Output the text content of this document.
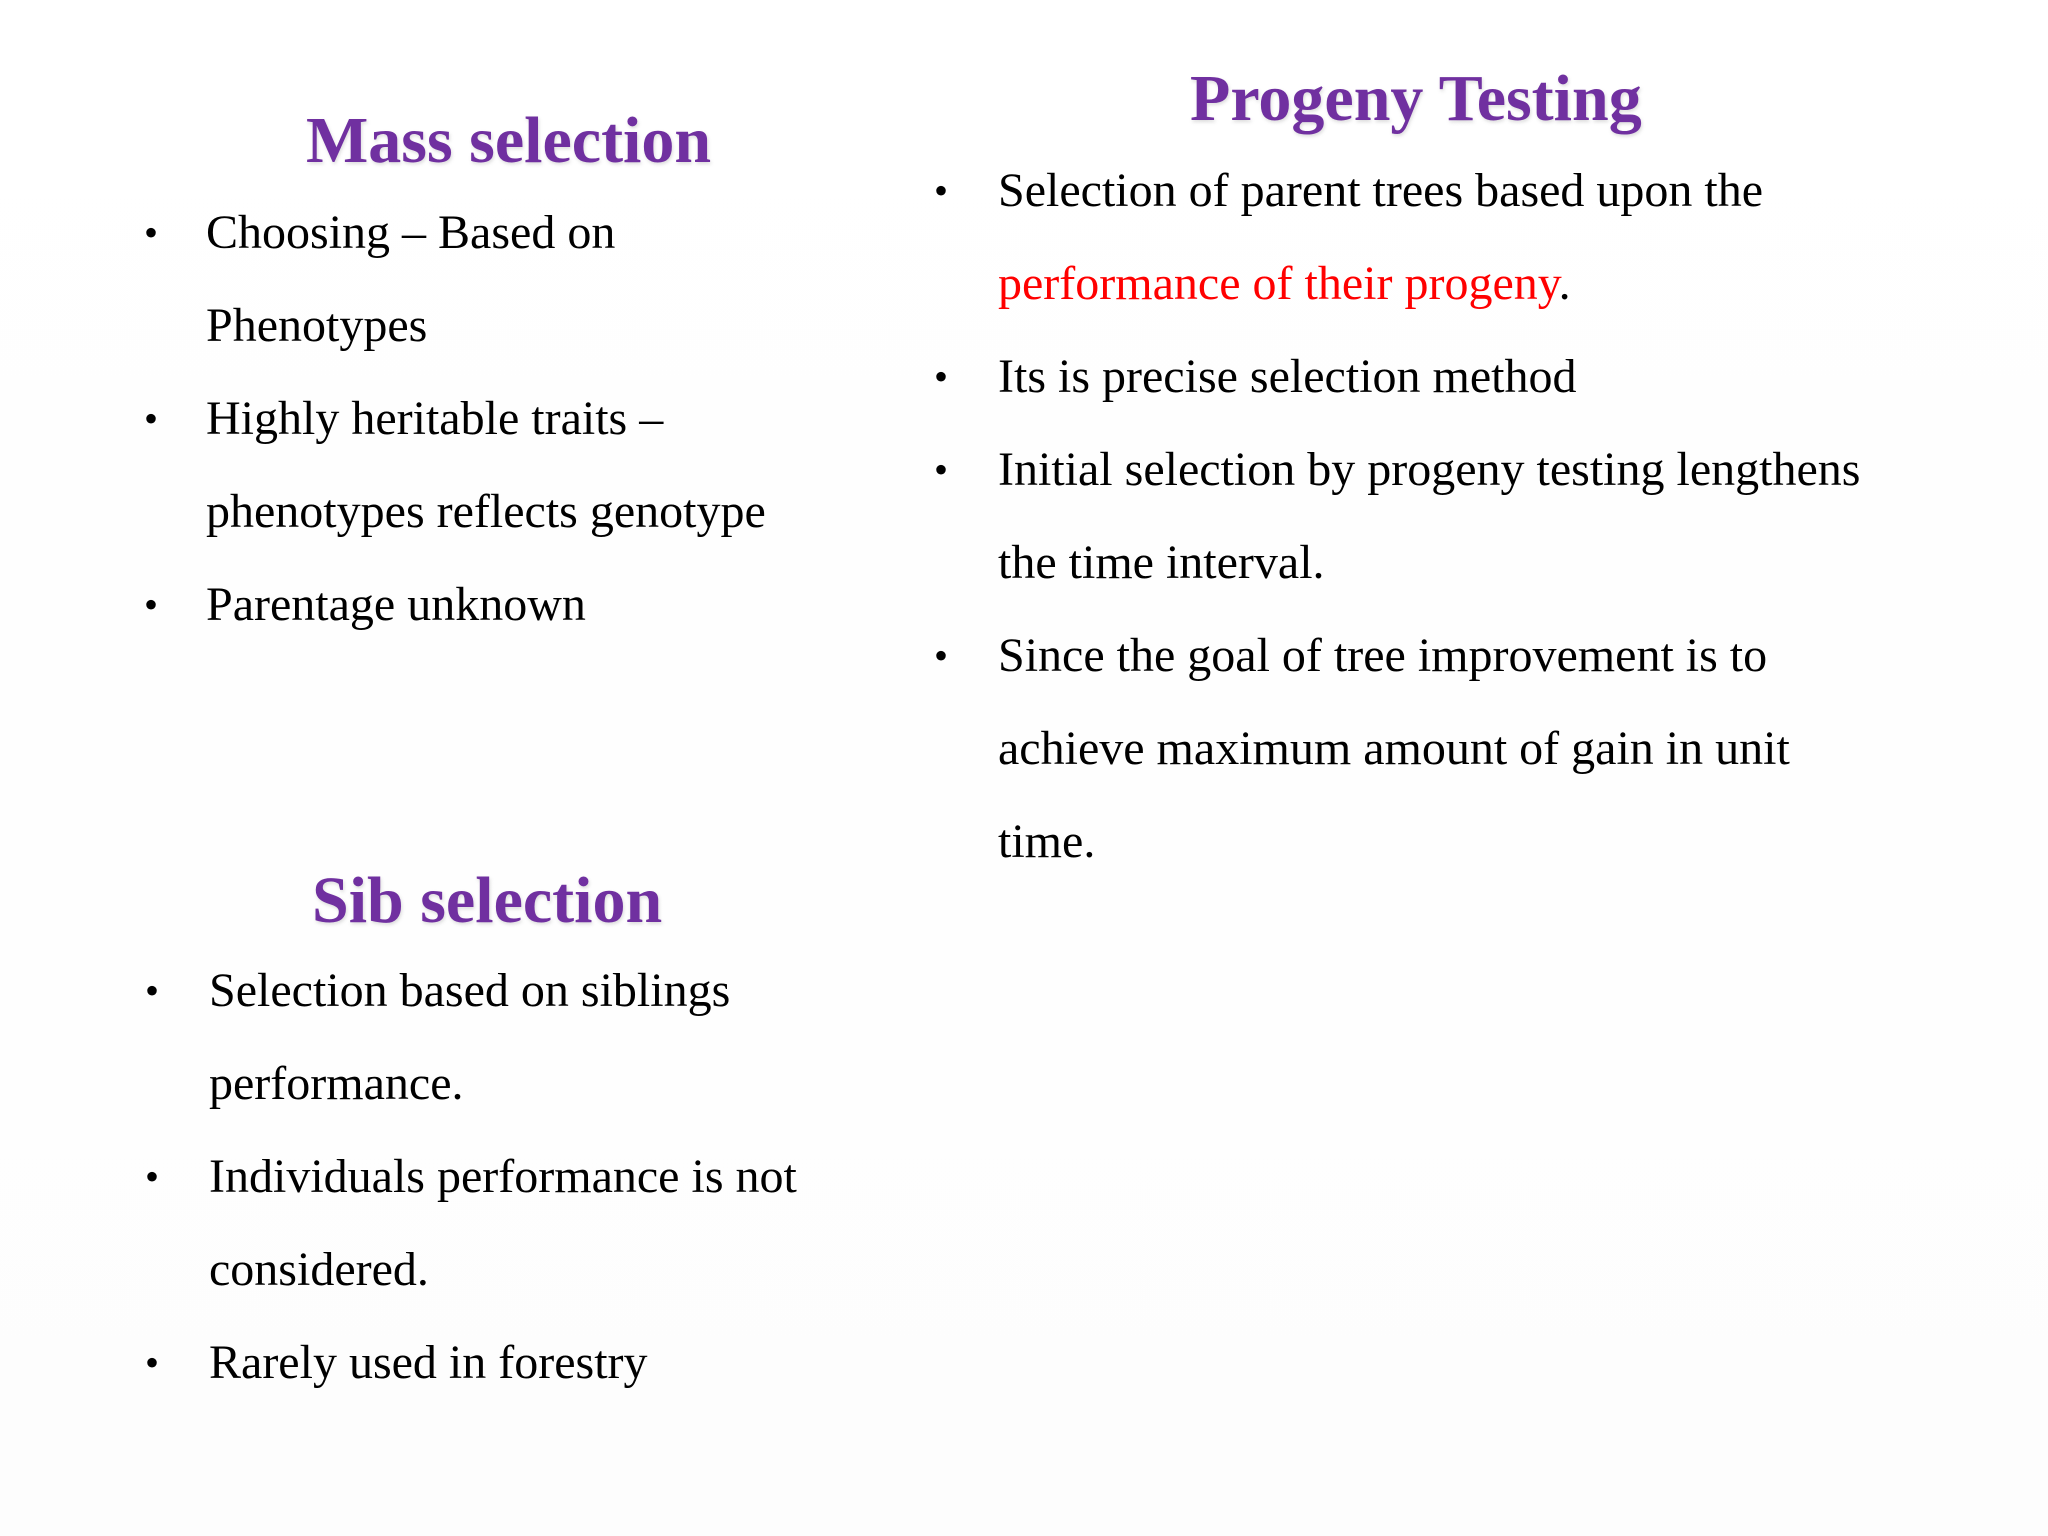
Mass selection
• Choosing – Based on Phenotypes
• Highly heritable traits – phenotypes reflects genotype
• Parentage unknown
Progeny Testing
• Selection of parent trees based upon the performance of their progeny.
• Its is precise selection method
• Initial selection by progeny testing lengthens the time interval.
• Since the goal of tree improvement is to achieve maximum amount of gain in unit time.
Sib selection
• Selection based on siblings performance.
• Individuals performance is not considered.
• Rarely used in forestry
